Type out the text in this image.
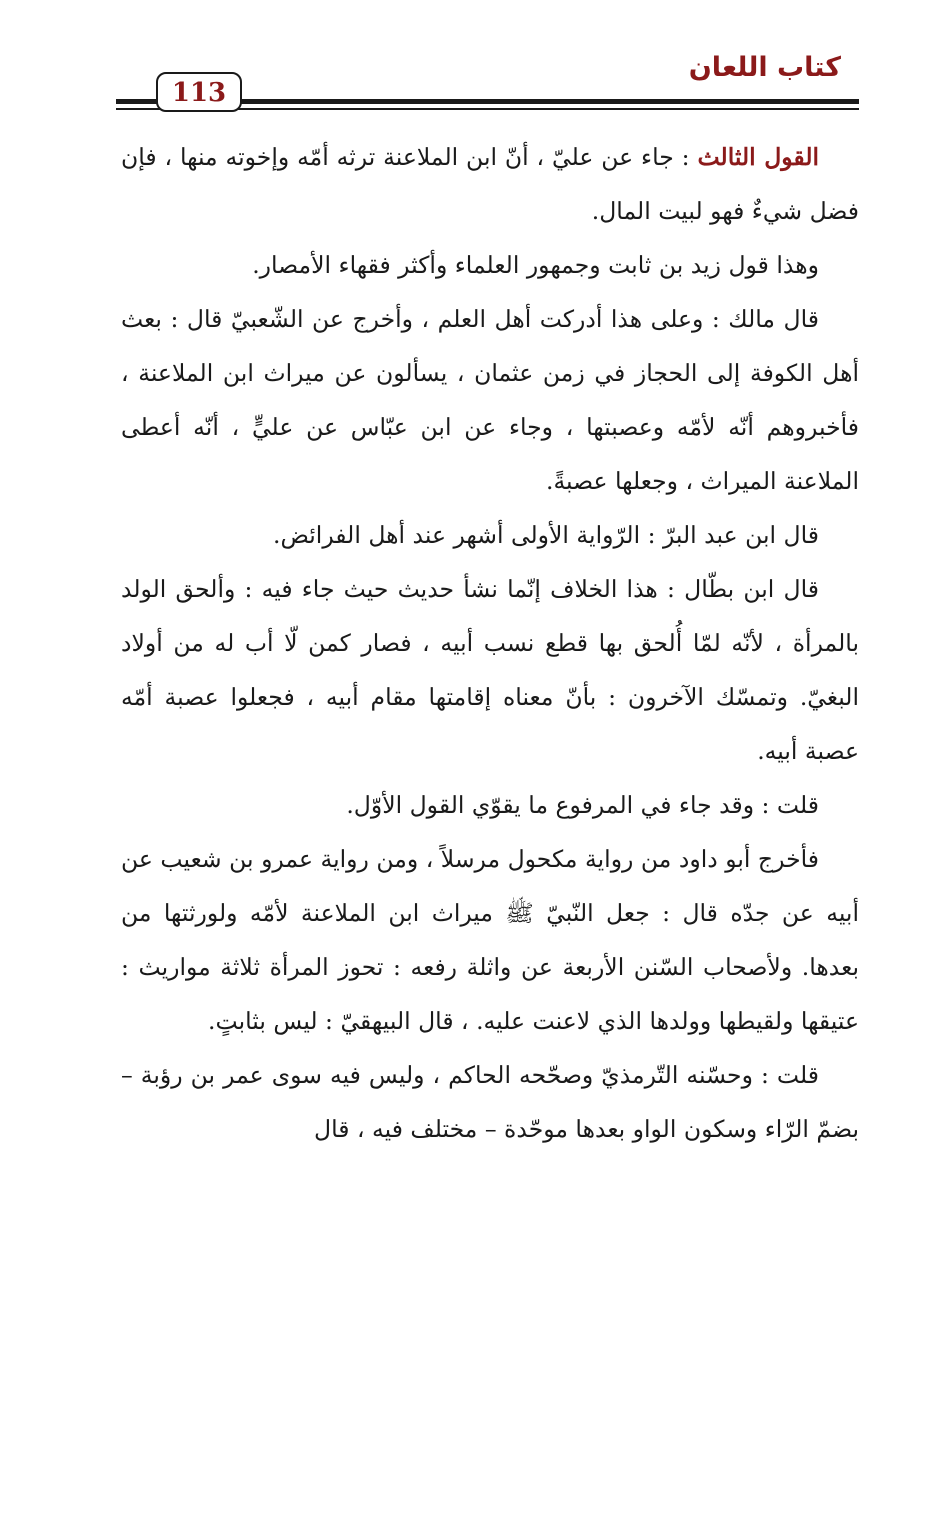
كتاب اللعان
113

القول الثالث : جاء عن عليّ ، أنّ ابن الملاعنة ترثه أمّه وإخوته منها ، فإن فضل شيءٌ فهو لبيت المال.

وهذا قول زيد بن ثابت وجمهور العلماء وأكثر فقهاء الأمصار.

قال مالك : وعلى هذا أدركت أهل العلم ، وأخرج عن الشّعبيّ قال : بعث أهل الكوفة إلى الحجاز في زمن عثمان ، يسألون عن ميراث ابن الملاعنة ، فأخبروهم أنّه لأمّه وعصبتها ، وجاء عن ابن عبّاس عن عليٍّ ، أنّه أعطى الملاعنة الميراث ، وجعلها عصبةً.

قال ابن عبد البرّ : الرّواية الأولى أشهر عند أهل الفرائض.

قال ابن بطّال : هذا الخلاف إنّما نشأ حديث حيث جاء فيه : وألحق الولد بالمرأة ، لأنّه لمّا أُلحق بها قطع نسب أبيه ، فصار كمن لّا أب له من أولاد البغيّ. وتمسّك الآخرون : بأنّ معناه إقامتها مقام أبيه ، فجعلوا عصبة أمّه عصبة أبيه.

قلت : وقد جاء في المرفوع ما يقوّي القول الأوّل.

فأخرج أبو داود من رواية مكحول مرسلاً ، ومن رواية عمرو بن شعيب عن أبيه عن جدّه قال : جعل النّبيّ ﷺ ميراث ابن الملاعنة لأمّه ولورثتها من بعدها. ولأصحاب السّنن الأربعة عن واثلة رفعه : تحوز المرأة ثلاثة مواريث : عتيقها ولقيطها وولدها الذي لاعنت عليه. ، قال البيهقيّ : ليس بثابتٍ.

قلت : وحسّنه التّرمذيّ وصحّحه الحاكم ، وليس فيه سوى عمر بن رؤبة – بضمّ الرّاء وسكون الواو بعدها موحّدة – مختلف فيه ، قال
